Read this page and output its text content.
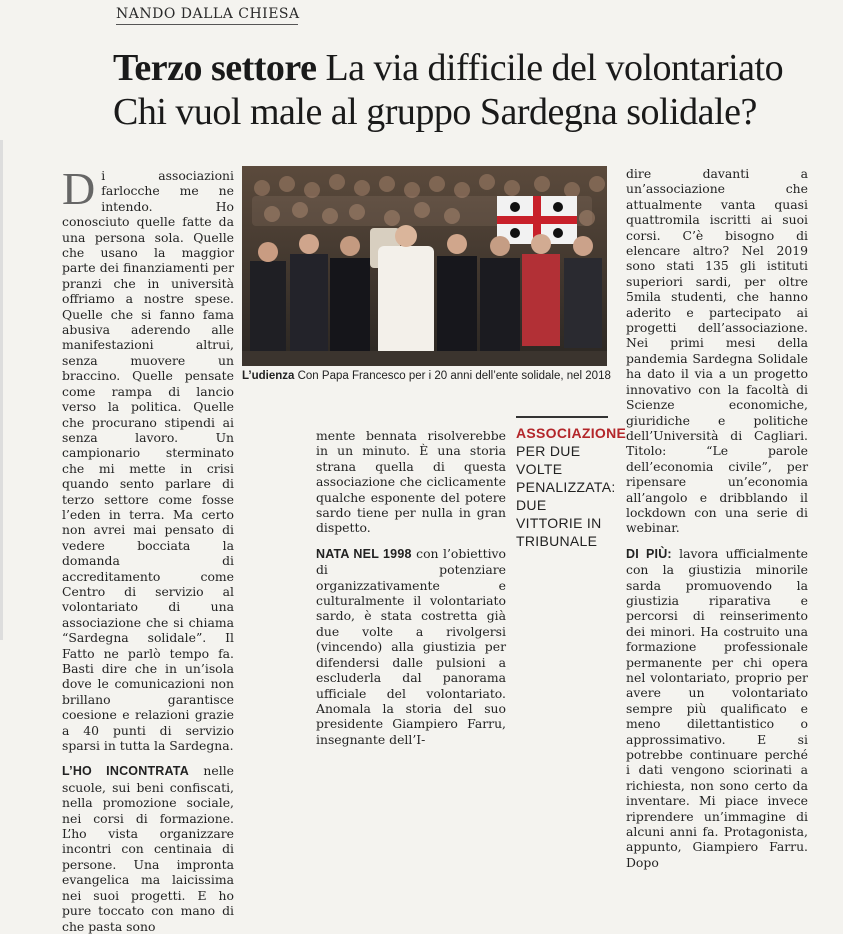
NANDO DALLA CHIESA
Terzo settore La via difficile del volontariato
Chi vuol male al gruppo Sardegna solidale?

Di associazioni farlocche me ne intendo. Ho conosciuto quelle fatte da una persona sola. Quelle che usano la maggior parte dei finanziamenti per pranzi che in università offriamo a nostre spese. Quelle che si fanno fama abusiva aderendo alle manifestazioni altrui, senza muovere un braccino. Quelle pensate come rampa di lancio verso la politica. Quelle che procurano stipendi ai senza lavoro. Un campionario sterminato che mi mette in crisi quando sento parlare di terzo settore come fosse l’eden in terra. Ma certo non avrei mai pensato di vedere bocciata la domanda di accreditamento come Centro di servizio al volontariato di una associazione che si chiama “Sardegna solidale”. Il Fatto ne parlò tempo fa. Basti dire che in un’isola dove le comunicazioni non brillano garantisce coesione e relazioni grazie a 40 punti di servizio sparsi in tutta la Sardegna.

L’HO INCONTRATA nelle scuole, sui beni confiscati, nella promozione sociale, nei corsi di formazione. L’ho vista organizzare incontri con centinaia di persone. Una impronta evangelica ma laicissima nei suoi progetti. E ho pure toccato con mano di che pasta sono

L’udienza Con Papa Francesco per i 20 anni dell’ente solidale, nel 2018

mente bennata risolverebbe in un minuto. È una storia strana quella di questa associazione che ciclicamente qualche esponente del potere sardo tiene per nulla in gran dispetto.

NATA NEL 1998 con l’obiettivo di potenziare organizzativamente e culturalmente il volontariato sardo, è stata costretta già due volte a rivolgersi (vincendo) alla giustizia per difendersi dalle pulsioni a escluderla dal panorama ufficiale del volontariato. Anomala la storia del suo presidente Giampiero Farru, insegnante dell’I-

ASSOCIAZIONE
PER DUE VOLTE PENALIZZATA: DUE VITTORIE IN TRIBUNALE

dire davanti a un’associazione che attualmente vanta quasi quattromila iscritti ai suoi corsi. C’è bisogno di elencare altro? Nel 2019 sono stati 135 gli istituti superiori sardi, per oltre 5mila studenti, che hanno aderito e partecipato ai progetti dell’associazione. Nei primi mesi della pandemia Sardegna Solidale ha dato il via a un progetto innovativo con la facoltà di Scienze economiche, giuridiche e politiche dell’Università di Cagliari. Titolo: “Le parole dell’economia civile”, per ripensare un’economia all’angolo e dribblando il lockdown con una serie di webinar.

DI PIÙ: lavora ufficialmente con la giustizia minorile sarda promuovendo la giustizia riparativa e percorsi di reinserimento dei minori. Ha costruito una formazione professionale permanente per chi opera nel volontariato, proprio per avere un volontariato sempre più qualificato e meno dilettantistico o approssimativo. E si potrebbe continuare perché i dati vengono sciorinati a richiesta, non sono certo da inventare. Mi piace invece riprendere un’immagine di alcuni anni fa. Protagonista, appunto, Giampiero Farru. Dopo
